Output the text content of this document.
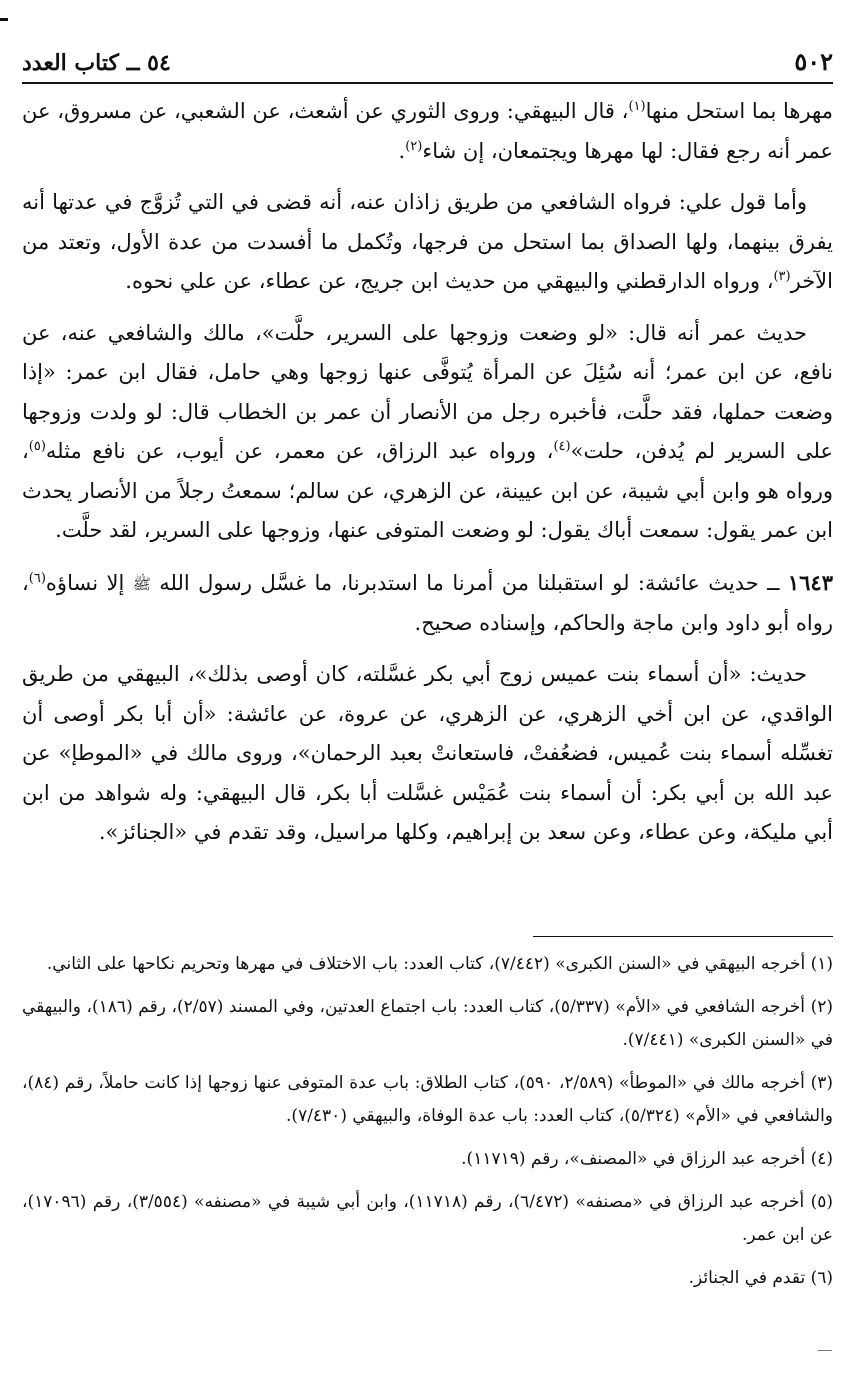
٥٠٢
٥٤ ــ كتاب العدد

مهرها بما استحل منها$^{(١)}$، قال البيهقي: وروى الثوري عن أشعث، عن الشعبي، عن مسروق، عن عمر أنه رجع فقال: لها مهرها ويجتمعان، إن شاء$^{(٢)}$.

وأما قول علي: فرواه الشافعي من طريق زاذان عنه، أنه قضى في التي تُزوَّج في عدتها أنه يفرق بينهما، ولها الصداق بما استحل من فرجها، وتُكمل ما أفسدت من عدة الأول، وتعتد من الآخر$^{(٣)}$، ورواه الدارقطني والبيهقي من حديث ابن جريج، عن عطاء، عن علي نحوه.

حديث عمر أنه قال: «لو وضعت وزوجها على السرير، حلَّت»، مالك والشافعي عنه، عن نافع، عن ابن عمر؛ أنه سُئِلَ عن المرأة يُتوفَّى عنها زوجها وهي حامل، فقال ابن عمر: «إذا وضعت حملها، فقد حلَّت، فأخبره رجل من الأنصار أن عمر بن الخطاب قال: لو ولدت وزوجها على السرير لم يُدفن، حلت»$^{(٤)}$، ورواه عبد الرزاق، عن معمر، عن أيوب، عن نافع مثله$^{(٥)}$، ورواه هو وابن أبي شيبة، عن ابن عيينة، عن الزهري، عن سالم؛ سمعتُ رجلاً من الأنصار يحدث ابن عمر يقول: سمعت أباك يقول: لو وضعت المتوفى عنها، وزوجها على السرير، لقد حلَّت.

١٦٤٣ ــ حديث عائشة: لو استقبلنا من أمرنا ما استدبرنا، ما غسَّل رسول الله ﷺ إلا نساؤه$^{(٦)}$، رواه أبو داود وابن ماجة والحاكم، وإسناده صحيح.

حديث: «أن أسماء بنت عميس زوج أبي بكر غسَّلته، كان أوصى بذلك»، البيهقي من طريق الواقدي، عن ابن أخي الزهري، عن الزهري، عن عروة، عن عائشة: «أن أبا بكر أوصى أن تغسِّله أسماء بنت عُميس، فضعُفتْ، فاستعانتْ بعبد الرحمان»، وروى مالك في «الموطإ» عن عبد الله بن أبي بكر: أن أسماء بنت عُمَيْس غسَّلت أبا بكر، قال البيهقي: وله شواهد من ابن أبي مليكة، وعن عطاء، وعن سعد بن إبراهيم، وكلها مراسيل، وقد تقدم في «الجنائز».

(١) أخرجه البيهقي في «السنن الكبرى» (٧/٤٤٢)، كتاب العدد: باب الاختلاف في مهرها وتحريم نكاحها على الثاني.

(٢) أخرجه الشافعي في «الأم» (٥/٣٣٧)، كتاب العدد: باب اجتماع العدتين، وفي المسند (٢/٥٧)، رقم (١٨٦)، والبيهقي في «السنن الكبرى» (٧/٤٤١).

(٣) أخرجه مالك في «الموطأ» (٢/٥٨٩، ٥٩٠)، كتاب الطلاق: باب عدة المتوفى عنها زوجها إذا كانت حاملاً، رقم (٨٤)، والشافعي في «الأم» (٥/٣٢٤)، كتاب العدد: باب عدة الوفاة، والبيهقي (٧/٤٣٠).

(٤) أخرجه عبد الرزاق في «المصنف»، رقم (١١٧١٩).

(٥) أخرجه عبد الرزاق في «مصنفه» (٦/٤٧٢)، رقم (١١٧١٨)، وابن أبي شيبة في «مصنفه» (٣/٥٥٤)، رقم (١٧٠٩٦)، عن ابن عمر.

(٦) تقدم في الجنائز.
